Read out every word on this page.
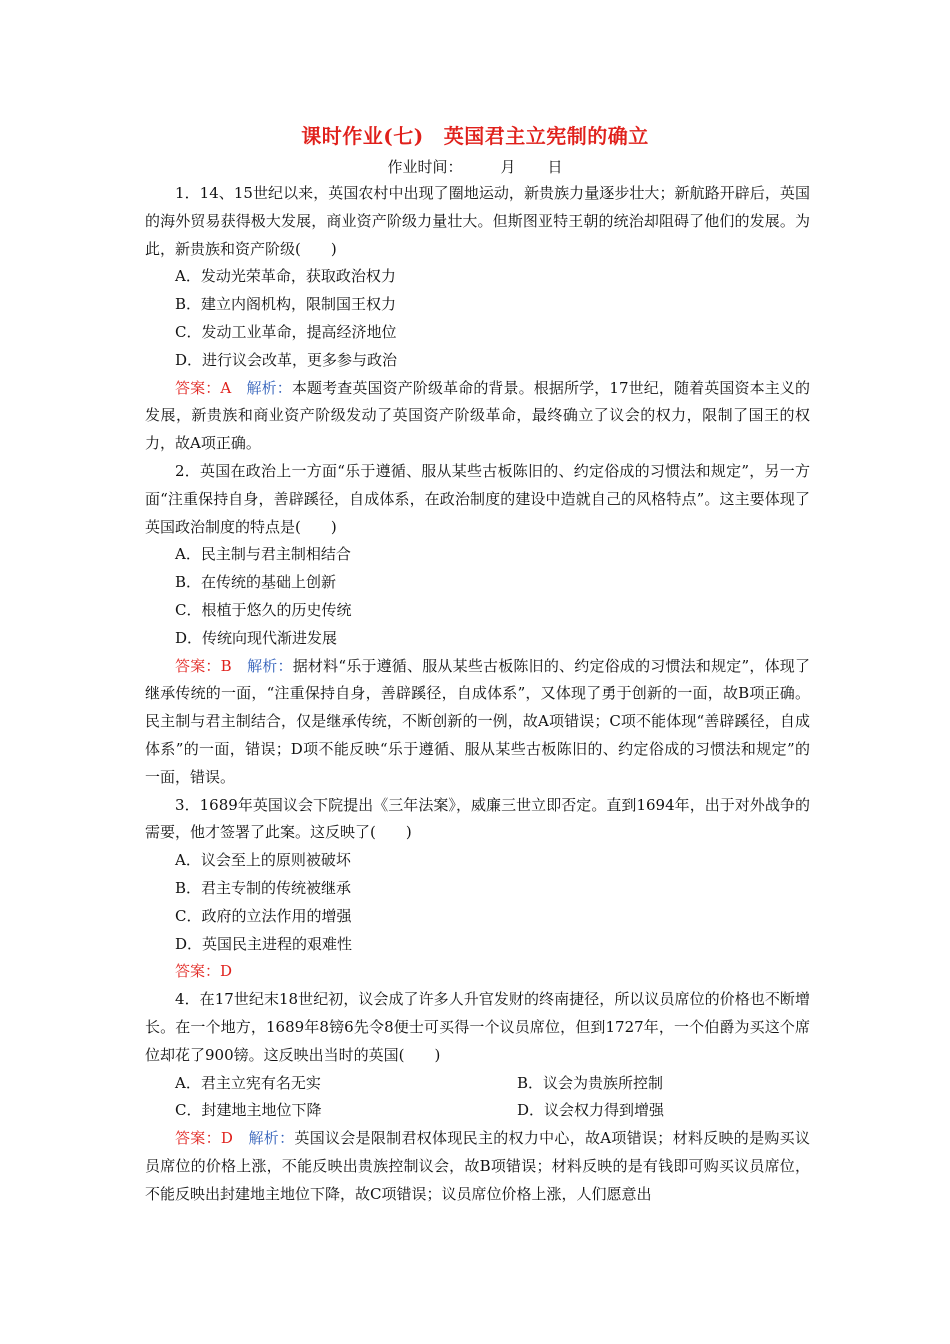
课时作业(七) 英国君主立宪制的确立
作业时间：	月 日

1．14、15世纪以来，英国农村中出现了圈地运动，新贵族力量逐步壮大；新航路开辟后，英国的海外贸易获得极大发展，商业资产阶级力量壮大。但斯图亚特王朝的统治却阻碍了他们的发展。为此，新贵族和资产阶级(　　)

A．发动光荣革命，获取政治权力

B．建立内阁机构，限制国王权力

C．发动工业革命，提高经济地位

D．进行议会改革，更多参与政治

答案：A　 解析：本题考查英国资产阶级革命的背景。根据所学，17世纪，随着英国资本主义的发展，新贵族和商业资产阶级发动了英国资产阶级革命，最终确立了议会的权力，限制了国王的权力，故A项正确。

2．英国在政治上一方面“乐于遵循、服从某些古板陈旧的、约定俗成的习惯法和规定”，另一方面“注重保持自身，善辟蹊径，自成体系，在政治制度的建设中造就自己的风格特点”。这主要体现了英国政治制度的特点是(　　)

A．民主制与君主制相结合

B．在传统的基础上创新

C．根植于悠久的历史传统

D．传统向现代渐进发展

答案：B　 解析：据材料“乐于遵循、服从某些古板陈旧的、约定俗成的习惯法和规定”，体现了继承传统的一面，“注重保持自身，善辟蹊径，自成体系”，又体现了勇于创新的一面，故B项正确。民主制与君主制结合，仅是继承传统，不断创新的一例，故A项错误；C项不能体现“善辟蹊径，自成体系”的一面，错误；D项不能反映“乐于遵循、服从某些古板陈旧的、约定俗成的习惯法和规定”的一面，错误。

3．1689年英国议会下院提出《三年法案》，威廉三世立即否定。直到1694年，出于对外战争的需要，他才签署了此案。这反映了(　　)

A．议会至上的原则被破坏

B．君主专制的传统被继承

C．政府的立法作用的增强

D．英国民主进程的艰难性

答案：D

4．在17世纪末18世纪初，议会成了许多人升官发财的终南捷径，所以议员席位的价格也不断增长。在一个地方，1689年8镑6先令8便士可买得一个议员席位，但到1727年，一个伯爵为买这个席位却花了900镑。这反映出当时的英国(　　)

A．君主立宪有名无实	B．议会为贵族所控制
C．封建地主地位下降	D．议会权力得到增强

答案：D　 解析：英国议会是限制君权体现民主的权力中心，故A项错误；材料反映的是购买议员席位的价格上涨，不能反映出贵族控制议会，故B项错误；材料反映的是有钱即可购买议员席位，不能反映出封建地主地位下降，故C项错误；议员席位价格上涨，人们愿意出
